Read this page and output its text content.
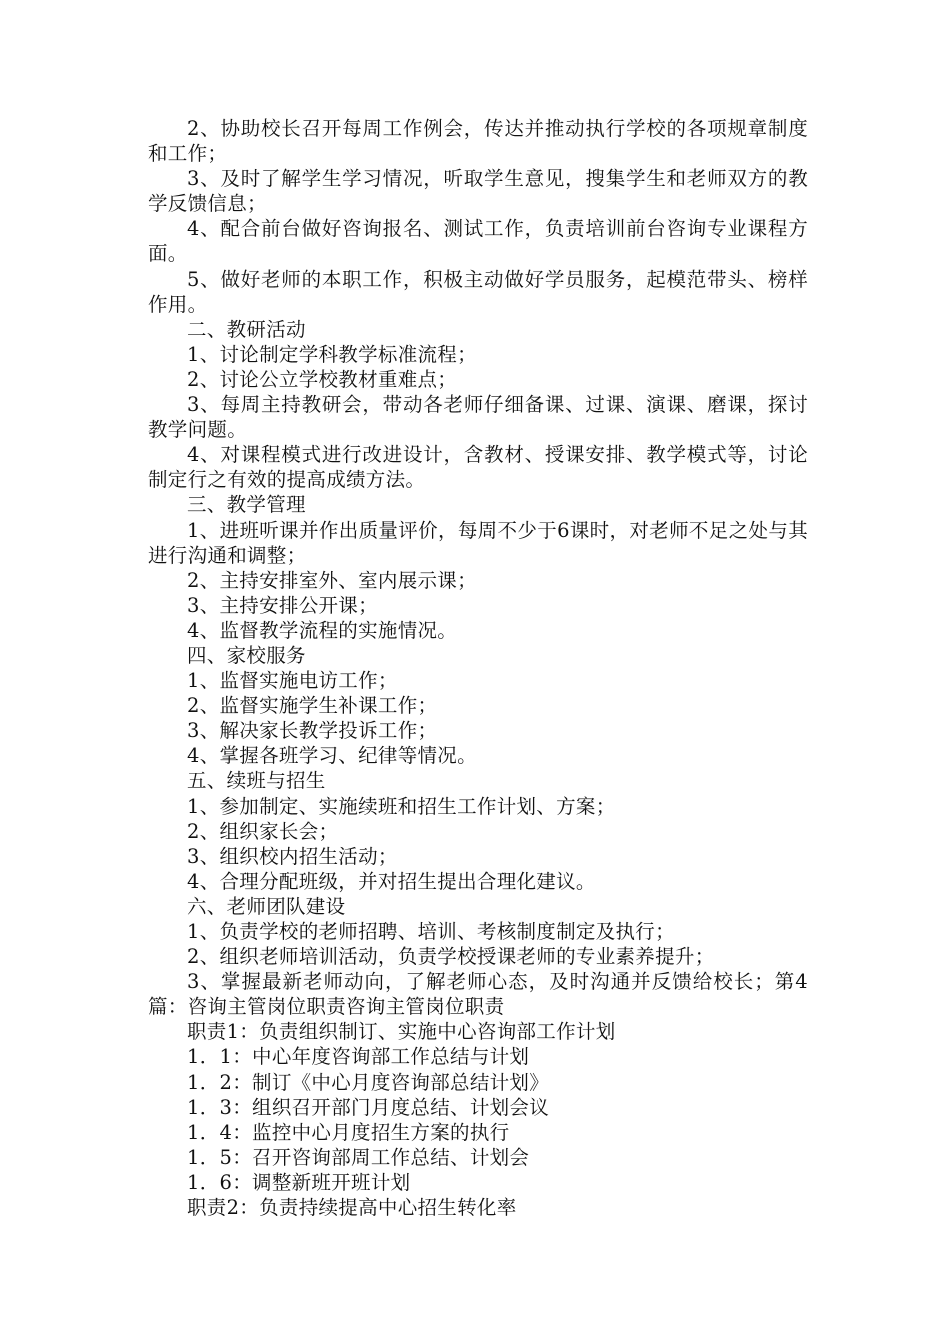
2、协助校长召开每周工作例会，传达并推动执行学校的各项规章制度和工作；

3、及时了解学生学习情况，听取学生意见，搜集学生和老师双方的教学反馈信息；

4、配合前台做好咨询报名、测试工作，负责培训前台咨询专业课程方面。

5、做好老师的本职工作，积极主动做好学员服务，起模范带头、榜样作用。

二、教研活动

1、讨论制定学科教学标准流程；

2、讨论公立学校教材重难点；

3、每周主持教研会，带动各老师仔细备课、过课、演课、磨课，探讨教学问题。

4、对课程模式进行改进设计，含教材、授课安排、教学模式等，讨论制定行之有效的提高成绩方法。

三、教学管理

1、进班听课并作出质量评价，每周不少于6课时，对老师不足之处与其进行沟通和调整；

2、主持安排室外、室内展示课；

3、主持安排公开课；

4、监督教学流程的实施情况。

四、家校服务

1、监督实施电访工作；

2、监督实施学生补课工作；

3、解决家长教学投诉工作；

4、掌握各班学习、纪律等情况。

五、续班与招生

1、参加制定、实施续班和招生工作计划、方案；

2、组织家长会；

3、组织校内招生活动；

4、合理分配班级，并对招生提出合理化建议。

六、老师团队建设

1、负责学校的老师招聘、培训、考核制度制定及执行；

2、组织老师培训活动，负责学校授课老师的专业素养提升；

3、掌握最新老师动向，了解老师心态，及时沟通并反馈给校长；第4篇：咨询主管岗位职责咨询主管岗位职责

职责1：负责组织制订、实施中心咨询部工作计划

1．1：中心年度咨询部工作总结与计划

1．2：制订《中心月度咨询部总结计划》

1．3：组织召开部门月度总结、计划会议

1．4：监控中心月度招生方案的执行

1．5：召开咨询部周工作总结、计划会

1．6：调整新班开班计划

职责2：负责持续提高中心招生转化率
